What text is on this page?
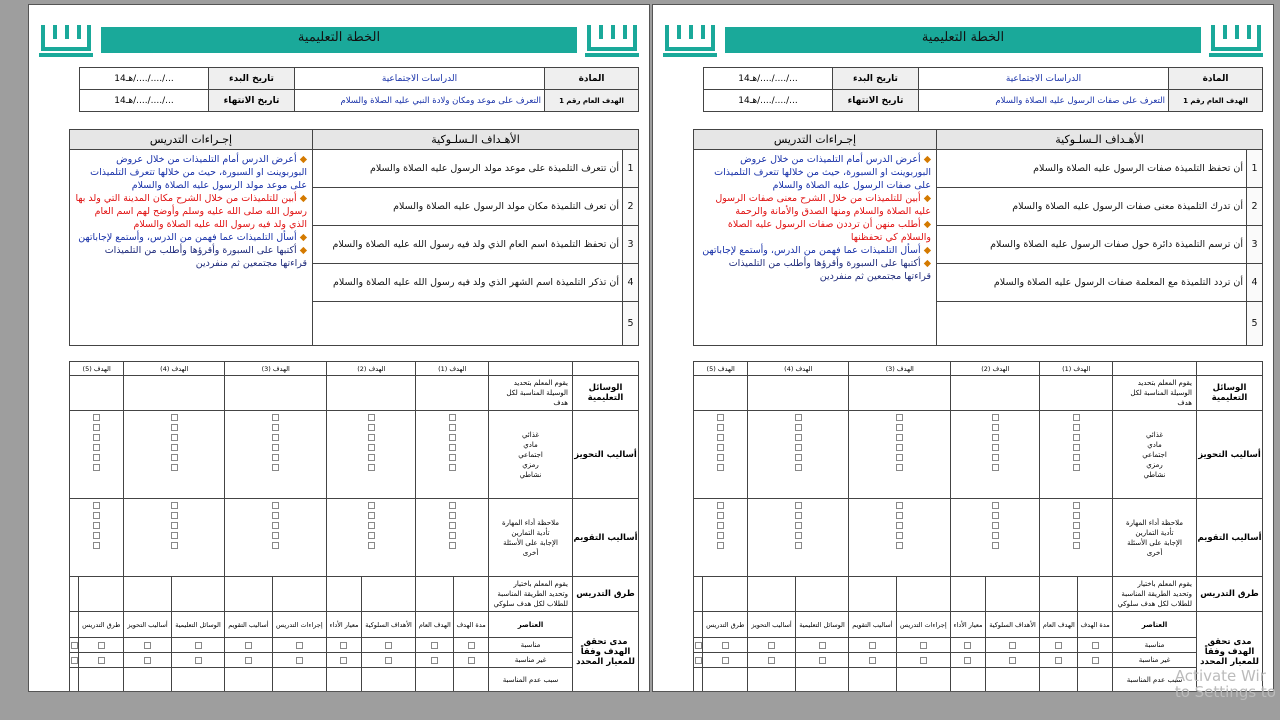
الخطة التعليمية
المادة	الدراسات الاجتماعية	تاريخ البدء	14هـ/..../..../...
الهدف العام رقم 1	التعرف على موعد ومكان ولادة النبي عليه الصلاة والسلام	تاريخ الانتهاء	14هـ/..../..../...
الأهـداف الـسلـوكية		إجـراءات التدريس
1	أن تتعرف التلميذة على موعد مولد الرسول عليه الصلاة والسلام	◆ أعرض الدرس أمام التلميذات من خلال عروض البوربوينت او السبورة، حيث من خلالها تتعرف التلميذات على موعد مولد الرسول عليه الصلاة والسلام

◆ أبين للتلميذات من خلال الشرح مكان المدينة التي ولد بها رسول الله صلى الله عليه وسلم وأوضح لهم اسم العام الذي ولد فيه رسول الله عليه الصلاة والسلام

◆ أسأل التلميذات عما فهمن من الدرس، وأستمع لإجاباتهن

◆ أكتبها على السبورة وأقرؤها وأطلب من التلميذات قراءتها مجتمعين ثم منفردين

2	أن تعرف التلميذة مكان مولد الرسول عليه الصلاة والسلام	
3	أن تحفظ التلميذة اسم العام الذي ولد فيه رسول الله عليه الصلاة والسلام	
4	أن تذكر التلميذة اسم الشهر الذي ولد فيه رسول الله عليه الصلاة والسلام	
5		
		الهدف (1)		الهدف (2)		الهدف (3)		الهدف (4)		الهدف (5)	
الوسائل التعليمية	يقوم المعلم بتحديد الوسيلة المناسبة لكل هدف										
أساليب التحويز	غذائي
مادي
اجتماعي
رمزي
نشاطي										

أساليب التقويم	ملاحظة أداء المهارة
تأدية التمارين
الإجابة على الأسئلة
أخرى										

طرق التدريس	يقوم المعلم باختيار وتحديد الطريقة المناسبة للطلاب لكل هدف سلوكي										
مدى تحقق الهدف وفقاً للمعيار المحدد	العناصر	مدة الهدف	الهدف العام	الأهداف السلوكية	معيار الأداء	إجراءات التدريس	أساليب التقويم	الوسائل التعليمية	أساليب التحويز	طرق التدريس	
	مناسبة	

	غير مناسبة	

	سبب عدم المناسبة										
الخطة التعليمية
المادة	الدراسات الاجتماعية	تاريخ البدء	14هـ/..../..../...
الهدف العام رقم 1	التعرف على صفات الرسول عليه الصلاة والسلام	تاريخ الانتهاء	14هـ/..../..../...
الأهـداف الـسلـوكية		إجـراءات التدريس
1	أن تحفظ التلميذة صفات الرسول عليه الصلاة والسلام	◆ أعرض الدرس أمام التلميذات من خلال عروض البوربوينت او السبورة، حيث من خلالها تتعرف التلميذات على صفات الرسول عليه الصلاة والسلام

◆ أبين للتلميذات من خلال الشرح معنى صفات الرسول عليه الصلاة والسلام ومنها الصدق والأمانة والرحمة

◆ أطلب منهن أن ترددن صفات الرسول عليه الصلاة والسلام كي تحفظنها

◆ أسأل التلميذات عما فهمن من الدرس، وأستمع لإجاباتهن

◆ أكتبها على السبورة وأقرؤها وأطلب من التلميذات قراءتها مجتمعين ثم منفردين

2	أن تدرك التلميذة معنى صفات الرسول عليه الصلاة والسلام	
3	أن ترسم التلميذة دائرة حول صفات الرسول عليه الصلاة والسلام	
4	أن تردد التلميذة مع المعلمة صفات الرسول عليه الصلاة والسلام	
5		
		الهدف (1)		الهدف (2)		الهدف (3)		الهدف (4)		الهدف (5)	
الوسائل التعليمية	يقوم المعلم بتحديد الوسيلة المناسبة لكل هدف										
أساليب التحويز	غذائي
مادي
اجتماعي
رمزي
نشاطي										

أساليب التقويم	ملاحظة أداء المهارة
تأدية التمارين
الإجابة على الأسئلة
أخرى										

طرق التدريس	يقوم المعلم باختيار وتحديد الطريقة المناسبة للطلاب لكل هدف سلوكي										
مدى تحقق الهدف وفقاً للمعيار المحدد	العناصر	مدة الهدف	الهدف العام	الأهداف السلوكية	معيار الأداء	إجراءات التدريس	أساليب التقويم	الوسائل التعليمية	أساليب التحويز	طرق التدريس	
	مناسبة	

	غير مناسبة	

	سبب عدم المناسبة										
Activate Wir
to Settings to
